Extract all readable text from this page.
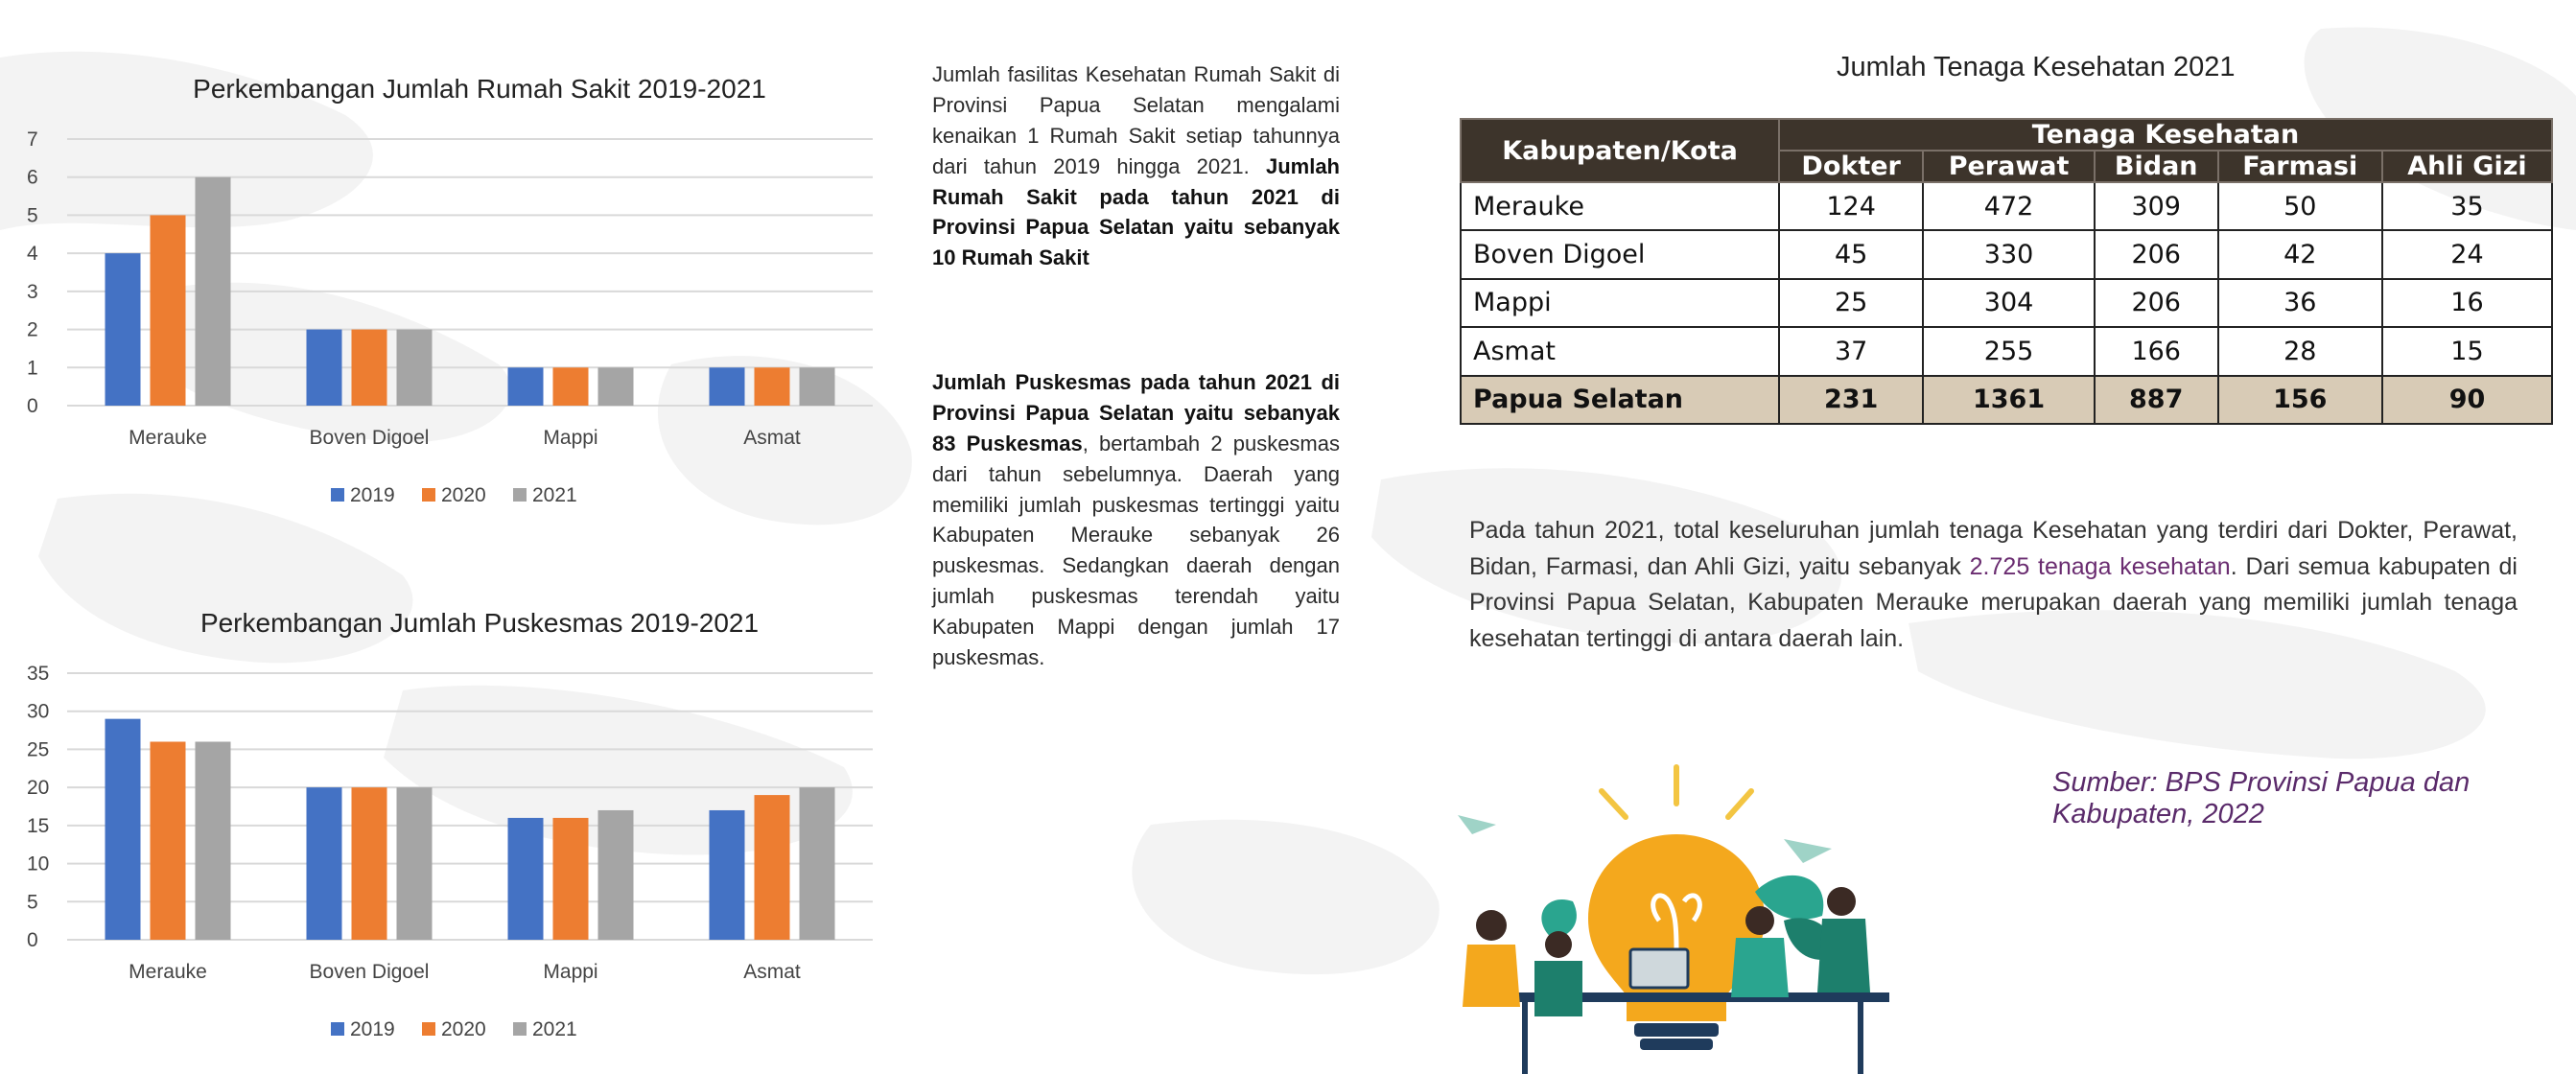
Perkembangan Jumlah Rumah Sakit 2019-2021
0
1
2
3
4
5
6
7
Merauke	Boven Digoel	Mappi	Asmat
2019 2020 2021
Perkembangan Jumlah Puskesmas 2019-2021
0
5
10
15
20
25
30
35
Merauke	Boven Digoel	Mappi	Asmat
2019 2020 2021

Jumlah fasilitas Kesehatan Rumah Sakit di Provinsi Papua Selatan mengalami kenaikan 1 Rumah Sakit setiap tahunnya dari tahun 2019 hingga 2021. Jumlah Rumah Sakit pada tahun 2021 di Provinsi Papua Selatan yaitu sebanyak 10 Rumah Sakit

Jumlah Puskesmas pada tahun 2021 di Provinsi Papua Selatan yaitu sebanyak 83 Puskesmas, bertambah 2 puskesmas dari tahun sebelumnya. Daerah yang memiliki jumlah puskesmas tertinggi yaitu Kabupaten Merauke sebanyak 26 puskesmas. Sedangkan daerah dengan jumlah puskesmas terendah yaitu Kabupaten Mappi dengan jumlah 17 puskesmas.

Jumlah Tenaga Kesehatan 2021

Kabupaten/Kota	Tenaga Kesehatan				
	Dokter	Perawat	Bidan	Farmasi	Ahli Gizi
Merauke	124	472	309	50	35
Boven Digoel	45	330	206	42	24
Mappi	25	304	206	36	16
Asmat	37	255	166	28	15
Papua Selatan	231	1361	887	156	90

Pada tahun 2021, total keseluruhan jumlah tenaga Kesehatan yang terdiri dari Dokter, Perawat, Bidan, Farmasi, dan Ahli Gizi, yaitu sebanyak 2.725 tenaga kesehatan. Dari semua kabupaten di Provinsi Papua Selatan, Kabupaten Merauke merupakan daerah yang memiliki jumlah tenaga kesehatan tertinggi di antara daerah lain.

Sumber: BPS Provinsi Papua dan Kabupaten, 2022
